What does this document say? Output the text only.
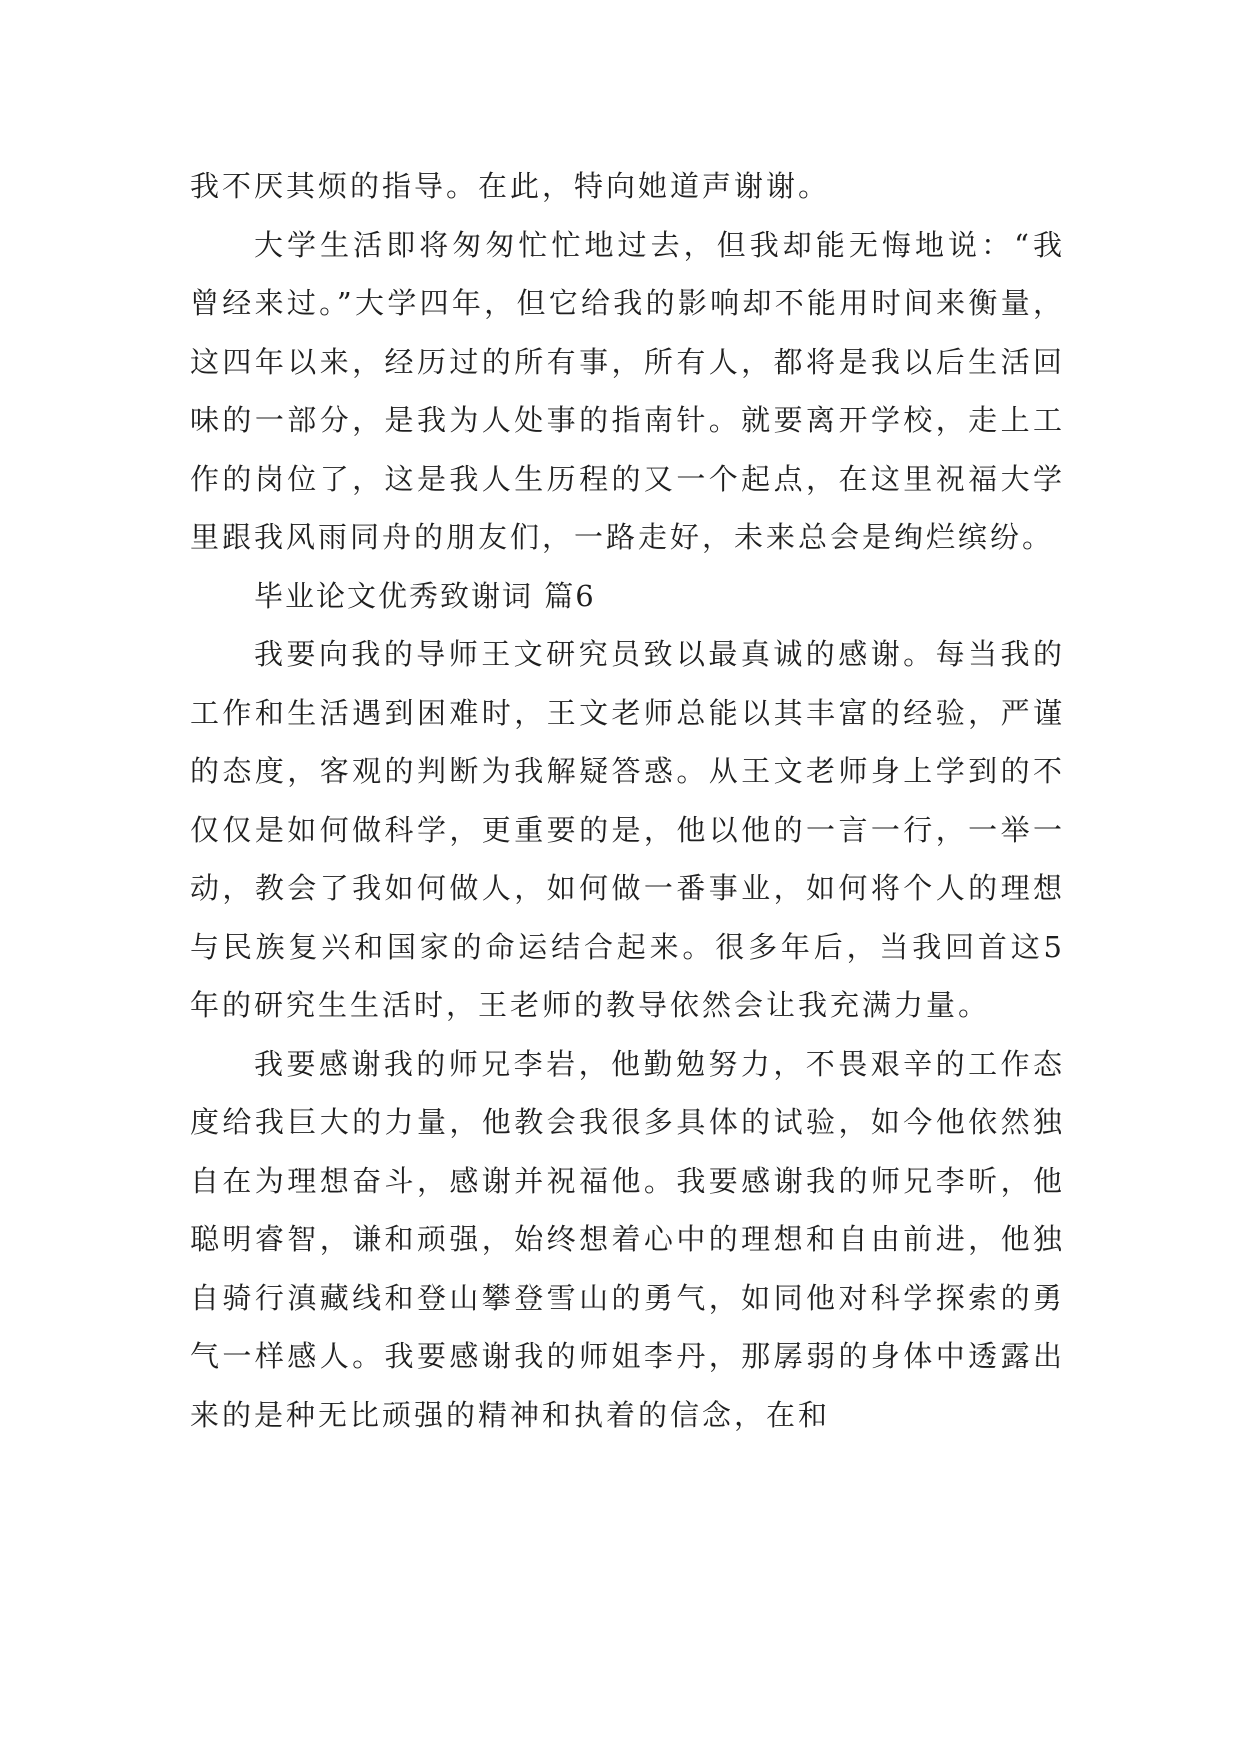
我不厌其烦的指导。在此，特向她道声谢谢。

大学生活即将匆匆忙忙地过去，但我却能无悔地说：“我曾经来过。”大学四年，但它给我的影响却不能用时间来衡量，这四年以来，经历过的所有事，所有人，都将是我以后生活回味的一部分，是我为人处事的指南针。就要离开学校，走上工作的岗位了，这是我人生历程的又一个起点，在这里祝福大学里跟我风雨同舟的朋友们，一路走好，未来总会是绚烂缤纷。

毕业论文优秀致谢词 篇6

我要向我的导师王文研究员致以最真诚的感谢。每当我的工作和生活遇到困难时，王文老师总能以其丰富的经验，严谨的态度，客观的判断为我解疑答惑。从王文老师身上学到的不仅仅是如何做科学，更重要的是，他以他的一言一行，一举一动，教会了我如何做人，如何做一番事业，如何将个人的理想与民族复兴和国家的命运结合起来。很多年后，当我回首这5年的研究生生活时，王老师的教导依然会让我充满力量。

我要感谢我的师兄李岩，他勤勉努力，不畏艰辛的工作态度给我巨大的力量，他教会我很多具体的试验，如今他依然独自在为理想奋斗，感谢并祝福他。我要感谢我的师兄李昕，他聪明睿智，谦和顽强，始终想着心中的理想和自由前进，他独自骑行滇藏线和登山攀登雪山的勇气，如同他对科学探索的勇气一样感人。我要感谢我的师姐李丹，那孱弱的身体中透露出来的是种无比顽强的精神和执着的信念，在和
